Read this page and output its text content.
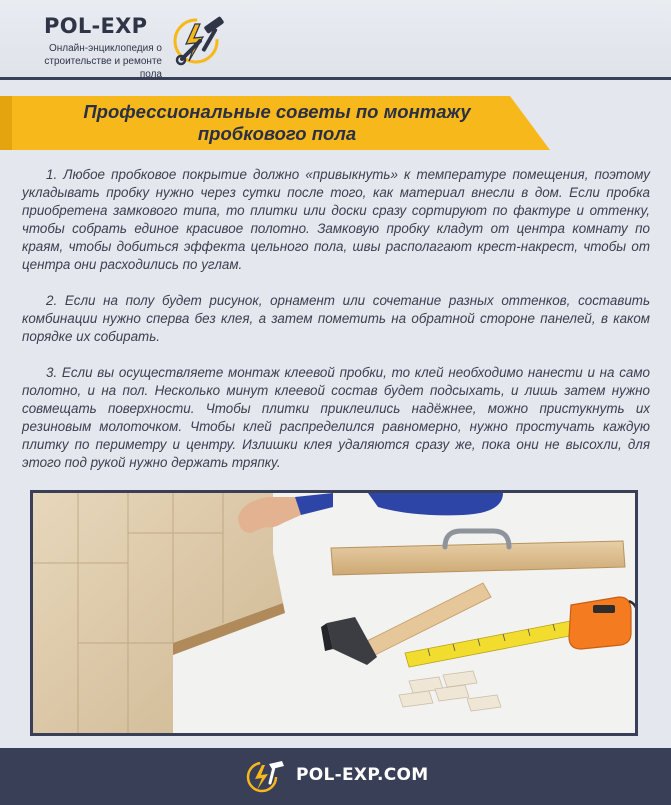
POL-EXP
Онлайн-энциклопедия о строительстве и ремонте пола
Профессиональные советы по монтажу пробкового пола

1. Любое пробковое покрытие должно «привыкнуть» к температуре помещения, поэтому укладывать пробку нужно через сутки после того, как материал внесли в дом. Если пробка приобретена замкового типа, то плитки или доски сразу сортируют по фактуре и оттенку, чтобы собрать единое красивое полотно. Замковую пробку кладут от центра комнату по краям, чтобы добиться эффекта цельного пола, швы располагают крест-накрест, чтобы от центра они расходились по углам.

2. Если на полу будет рисунок, орнамент или сочетание разных оттенков, составить комбинации нужно сперва без клея, а затем пометить на обратной стороне панелей, в каком порядке их собирать.

3. Если вы осуществляете монтаж клеевой пробки, то клей необходимо нанести и на само полотно, и на пол. Несколько минут клеевой состав будет подсыхать, и лишь затем нужно совмещать поверхности. Чтобы плитки приклеились надёжнее, можно пристукнуть их резиновым молоточком. Чтобы клей распределился равномерно, нужно простучать каждую плитку по периметру и центру. Излишки клея удаляются сразу же, пока они не высохли, для этого под рукой нужно держать тряпку.

POL-EXP.COM
